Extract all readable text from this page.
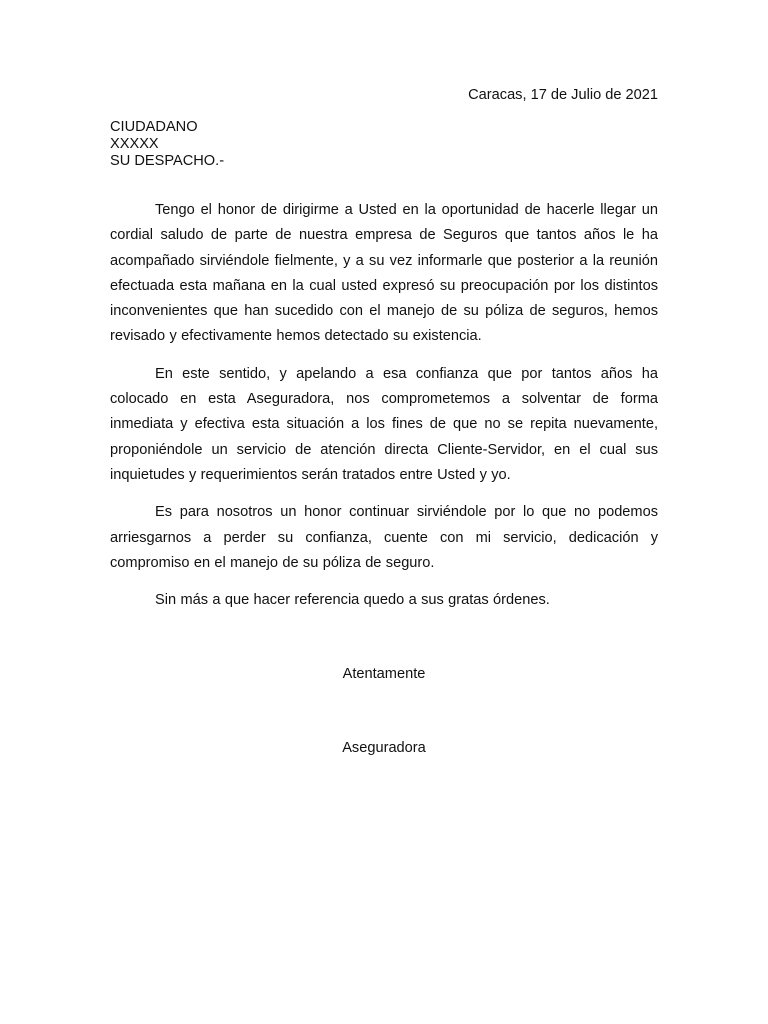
Caracas, 17 de Julio de 2021
CIUDADANO
XXXXX
SU DESPACHO.-

Tengo el honor de dirigirme a Usted en la oportunidad de hacerle llegar un cordial saludo de parte de nuestra empresa de Seguros que tantos años le ha acompañado sirviéndole fielmente, y a su vez informarle que posterior a la reunión efectuada esta mañana en la cual usted expresó su preocupación por los distintos inconvenientes que han sucedido con el manejo de su póliza de seguros, hemos revisado y efectivamente hemos detectado su existencia.

En este sentido, y apelando a esa confianza que por tantos años ha colocado en esta Aseguradora, nos comprometemos a solventar de forma inmediata y efectiva esta situación a los fines de que no se repita nuevamente, proponiéndole un servicio de atención directa Cliente-Servidor, en el cual sus inquietudes y requerimientos serán tratados entre Usted y yo.

Es para nosotros un honor continuar sirviéndole por lo que no podemos arriesgarnos a perder su confianza, cuente con mi servicio, dedicación y compromiso en el manejo de su póliza de seguro.

Sin más a que hacer referencia quedo a sus gratas órdenes.

Atentamente
Aseguradora
